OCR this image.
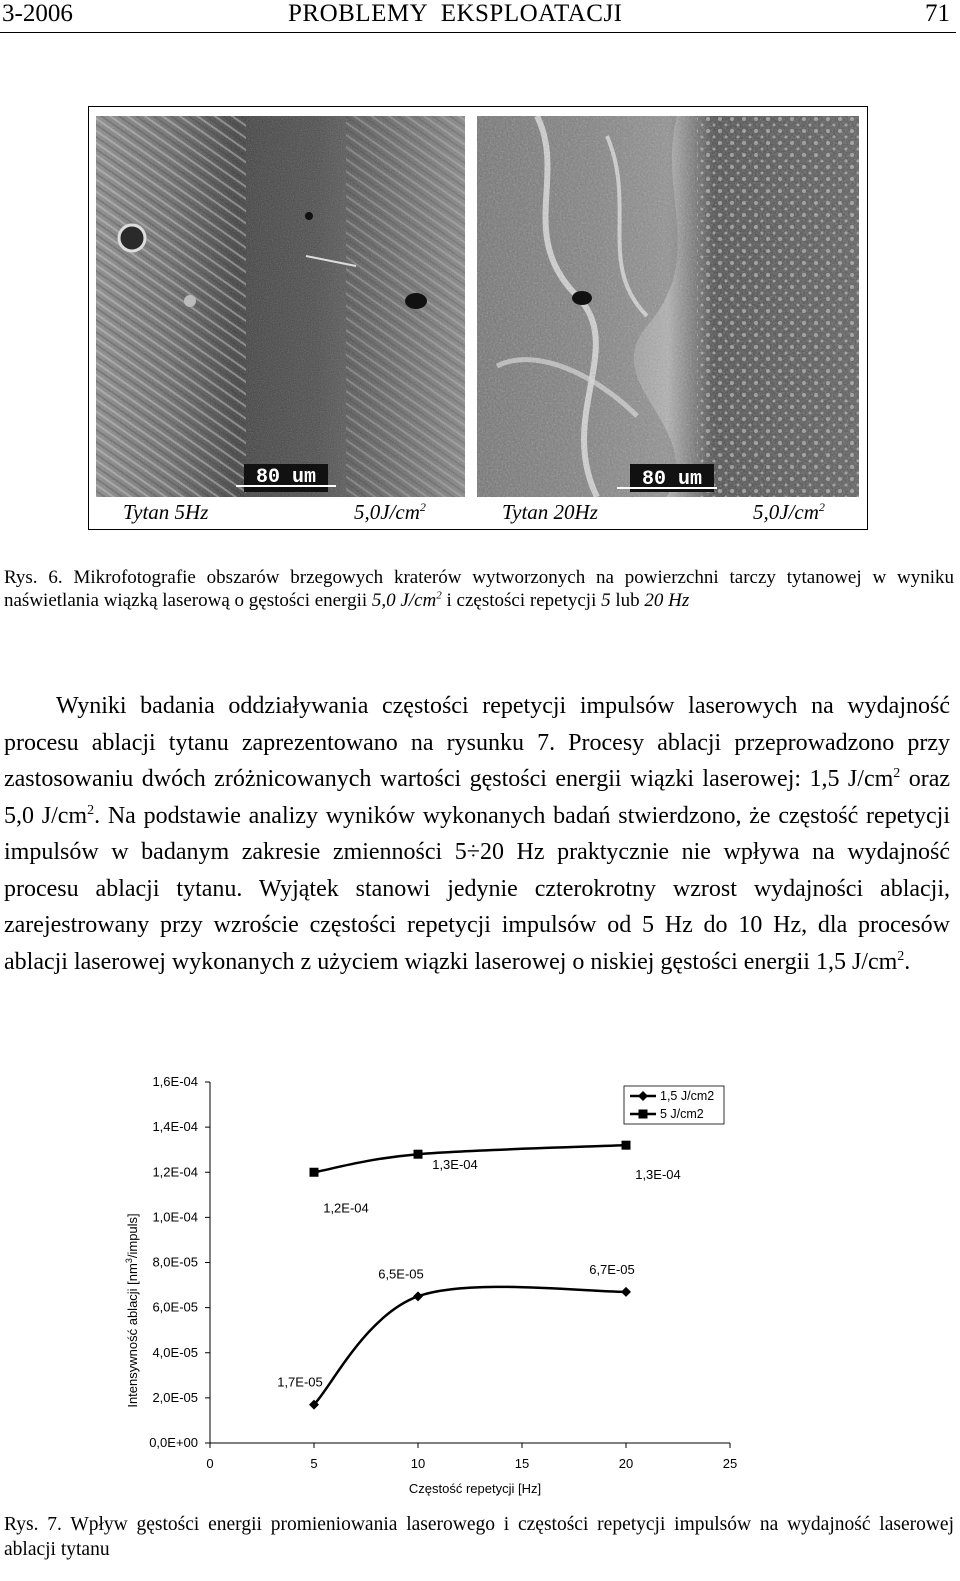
3-2006	PROBLEMY  EKSPLOATACJI	71
80 um	80 um
Tytan 5Hz	$5,0J/cm^2$	Tytan 20Hz	$5,0J/cm^2$
Rys. 6. Mikrofotografie obszarów brzegowych kraterów wytworzonych na powierzchni tarczy tytanowej w wyniku naświetlania wiązką laserową o gęstości energii 5,0 $J/cm^2$ i częstości repetycji 5 lub 20 Hz

Wyniki badania oddziaływania częstości repetycji impulsów laserowych na wydajność procesu ablacji tytanu zaprezentowano na rysunku 7. Procesy ablacji przeprowadzono przy zastosowaniu dwóch zróżnicowanych wartości gęstości energii wiązki laserowej: 1,5 $J/cm^2$ oraz 5,0 $J/cm^2$. Na podstawie analizy wyników wykonanych badań stwierdzono, że częstość repetycji impulsów w badanym zakresie zmienności 5÷20 Hz praktycznie nie wpływa na wydajność procesu ablacji tytanu. Wyjątek stanowi jedynie czterokrotny wzrost wydajności ablacji, zarejestrowany przy wzroście częstości repetycji impulsów od 5 Hz do 10 Hz, dla procesów ablacji laserowej wykonanych z użyciem wiązki laserowej o niskiej gęstości energii 1,5 $J/cm^2$.

0,0E+00
2,0E-05
4,0E-05
6,0E-05
8,0E-05
1,0E-04
1,2E-04
1,4E-04
1,6E-04
0	5	10	15	20	25
Częstość repetycji [Hz]
Intensywność ablacji $[nm^3/impuls]$
1,7E-05
6,5E-05	6,7E-05
1,2E-04
1,3E-04
1,3E-04
1,5 J/cm2
5 J/cm2
Rys. 7. Wpływ gęstości energii promieniowania laserowego i częstości repetycji impulsów na wydajność laserowej ablacji tytanu
